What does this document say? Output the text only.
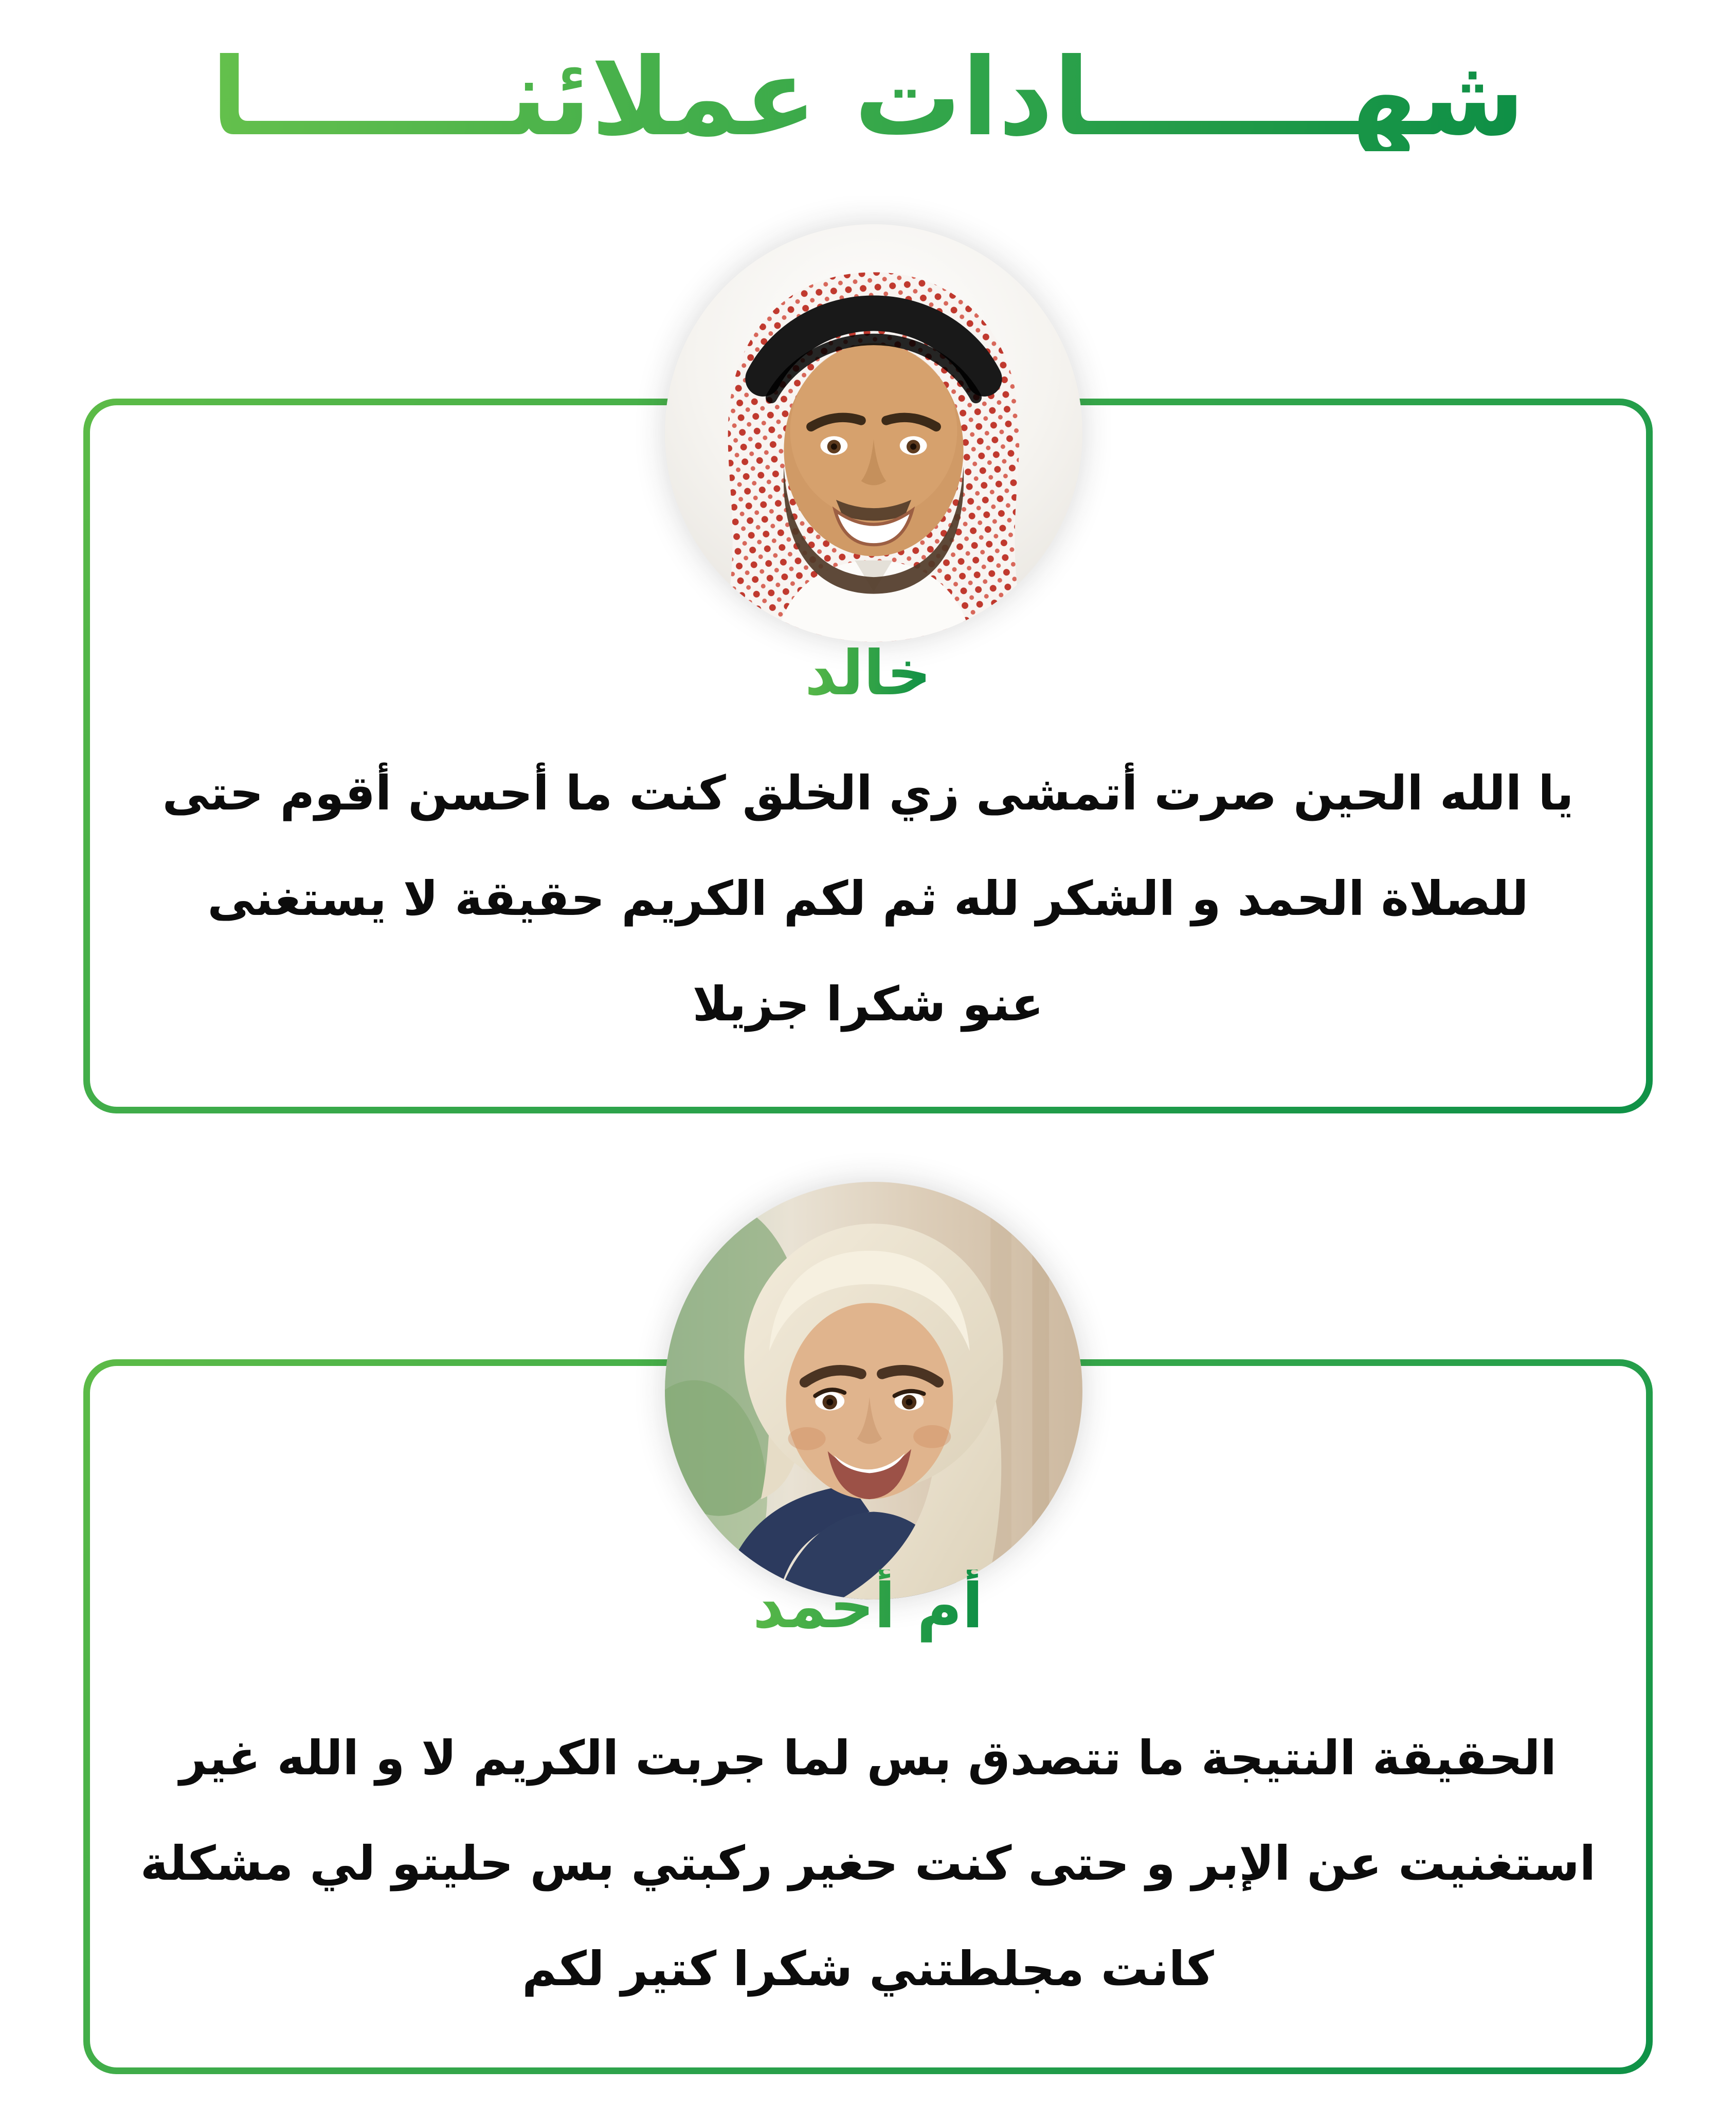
شهـــــــادات عملائنـــــــا
خالد
يا الله الحين صرت أتمشى زي الخلق كنت ما أحسن أقوم حتى
للصلاة الحمد و الشكر لله ثم لكم الكريم حقيقة لا يستغنى
عنو شكرا جزيلا
أم أحمد
الحقيقة النتيجة ما تتصدق بس لما جربت الكريم لا و الله غير
استغنيت عن الإبر و حتى كنت حغير ركبتي بس حليتو لي مشكلة
كانت مجلطتني شكرا كتير لكم
